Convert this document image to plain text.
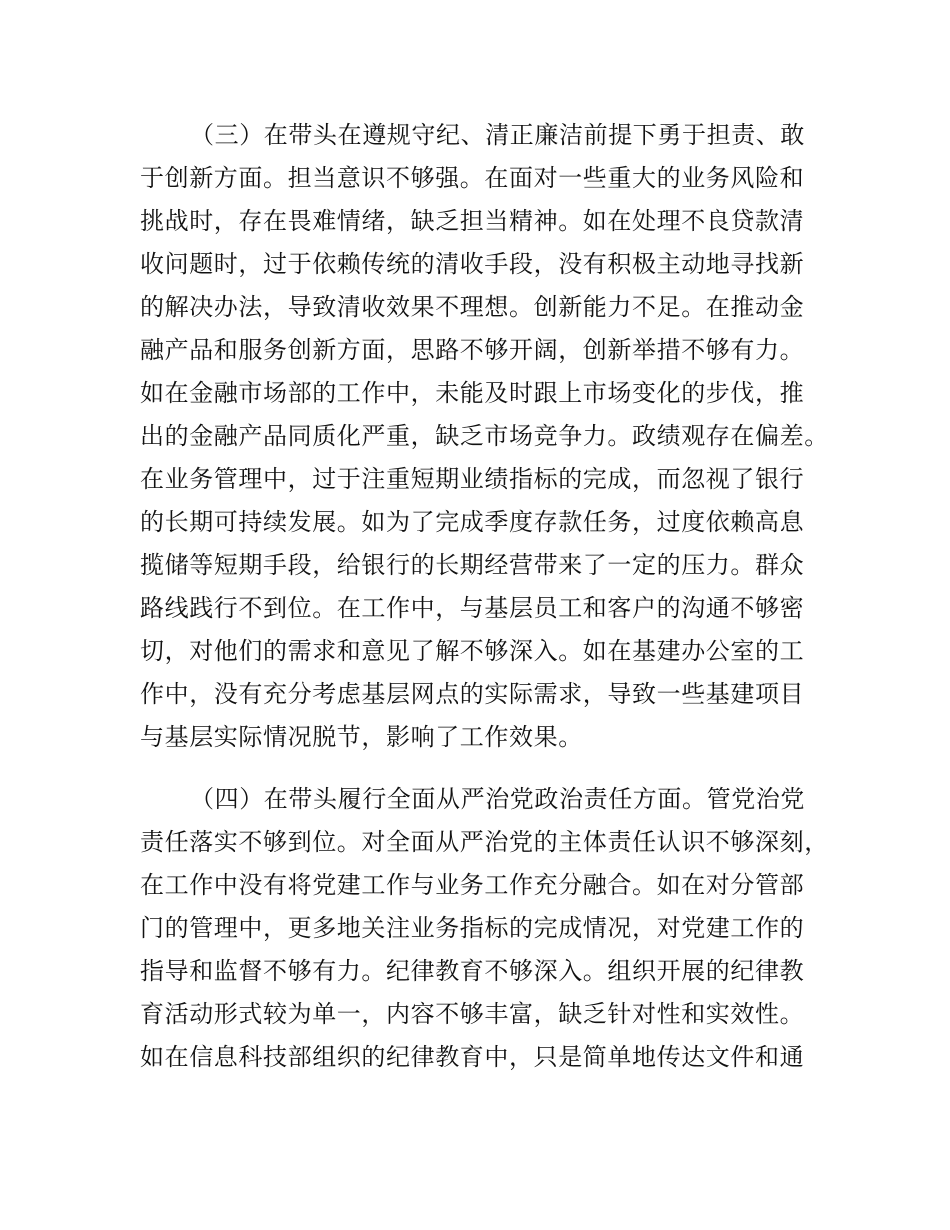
（三）在带头在遵规守纪、清正廉洁前提下勇于担责、敢
于创新方面。担当意识不够强。在面对一些重大的业务风险和
挑战时，存在畏难情绪，缺乏担当精神。如在处理不良贷款清
收问题时，过于依赖传统的清收手段，没有积极主动地寻找新
的解决办法，导致清收效果不理想。创新能力不足。在推动金
融产品和服务创新方面，思路不够开阔，创新举措不够有力。
如在金融市场部的工作中，未能及时跟上市场变化的步伐，推
出的金融产品同质化严重，缺乏市场竞争力。政绩观存在偏差。
在业务管理中，过于注重短期业绩指标的完成，而忽视了银行
的长期可持续发展。如为了完成季度存款任务，过度依赖高息
揽储等短期手段，给银行的长期经营带来了一定的压力。群众
路线践行不到位。在工作中，与基层员工和客户的沟通不够密
切，对他们的需求和意见了解不够深入。如在基建办公室的工
作中，没有充分考虑基层网点的实际需求，导致一些基建项目
与基层实际情况脱节，影响了工作效果。
（四）在带头履行全面从严治党政治责任方面。管党治党
责任落实不够到位。对全面从严治党的主体责任认识不够深刻，
在工作中没有将党建工作与业务工作充分融合。如在对分管部
门的管理中，更多地关注业务指标的完成情况，对党建工作的
指导和监督不够有力。纪律教育不够深入。组织开展的纪律教
育活动形式较为单一，内容不够丰富，缺乏针对性和实效性。
如在信息科技部组织的纪律教育中，只是简单地传达文件和通
